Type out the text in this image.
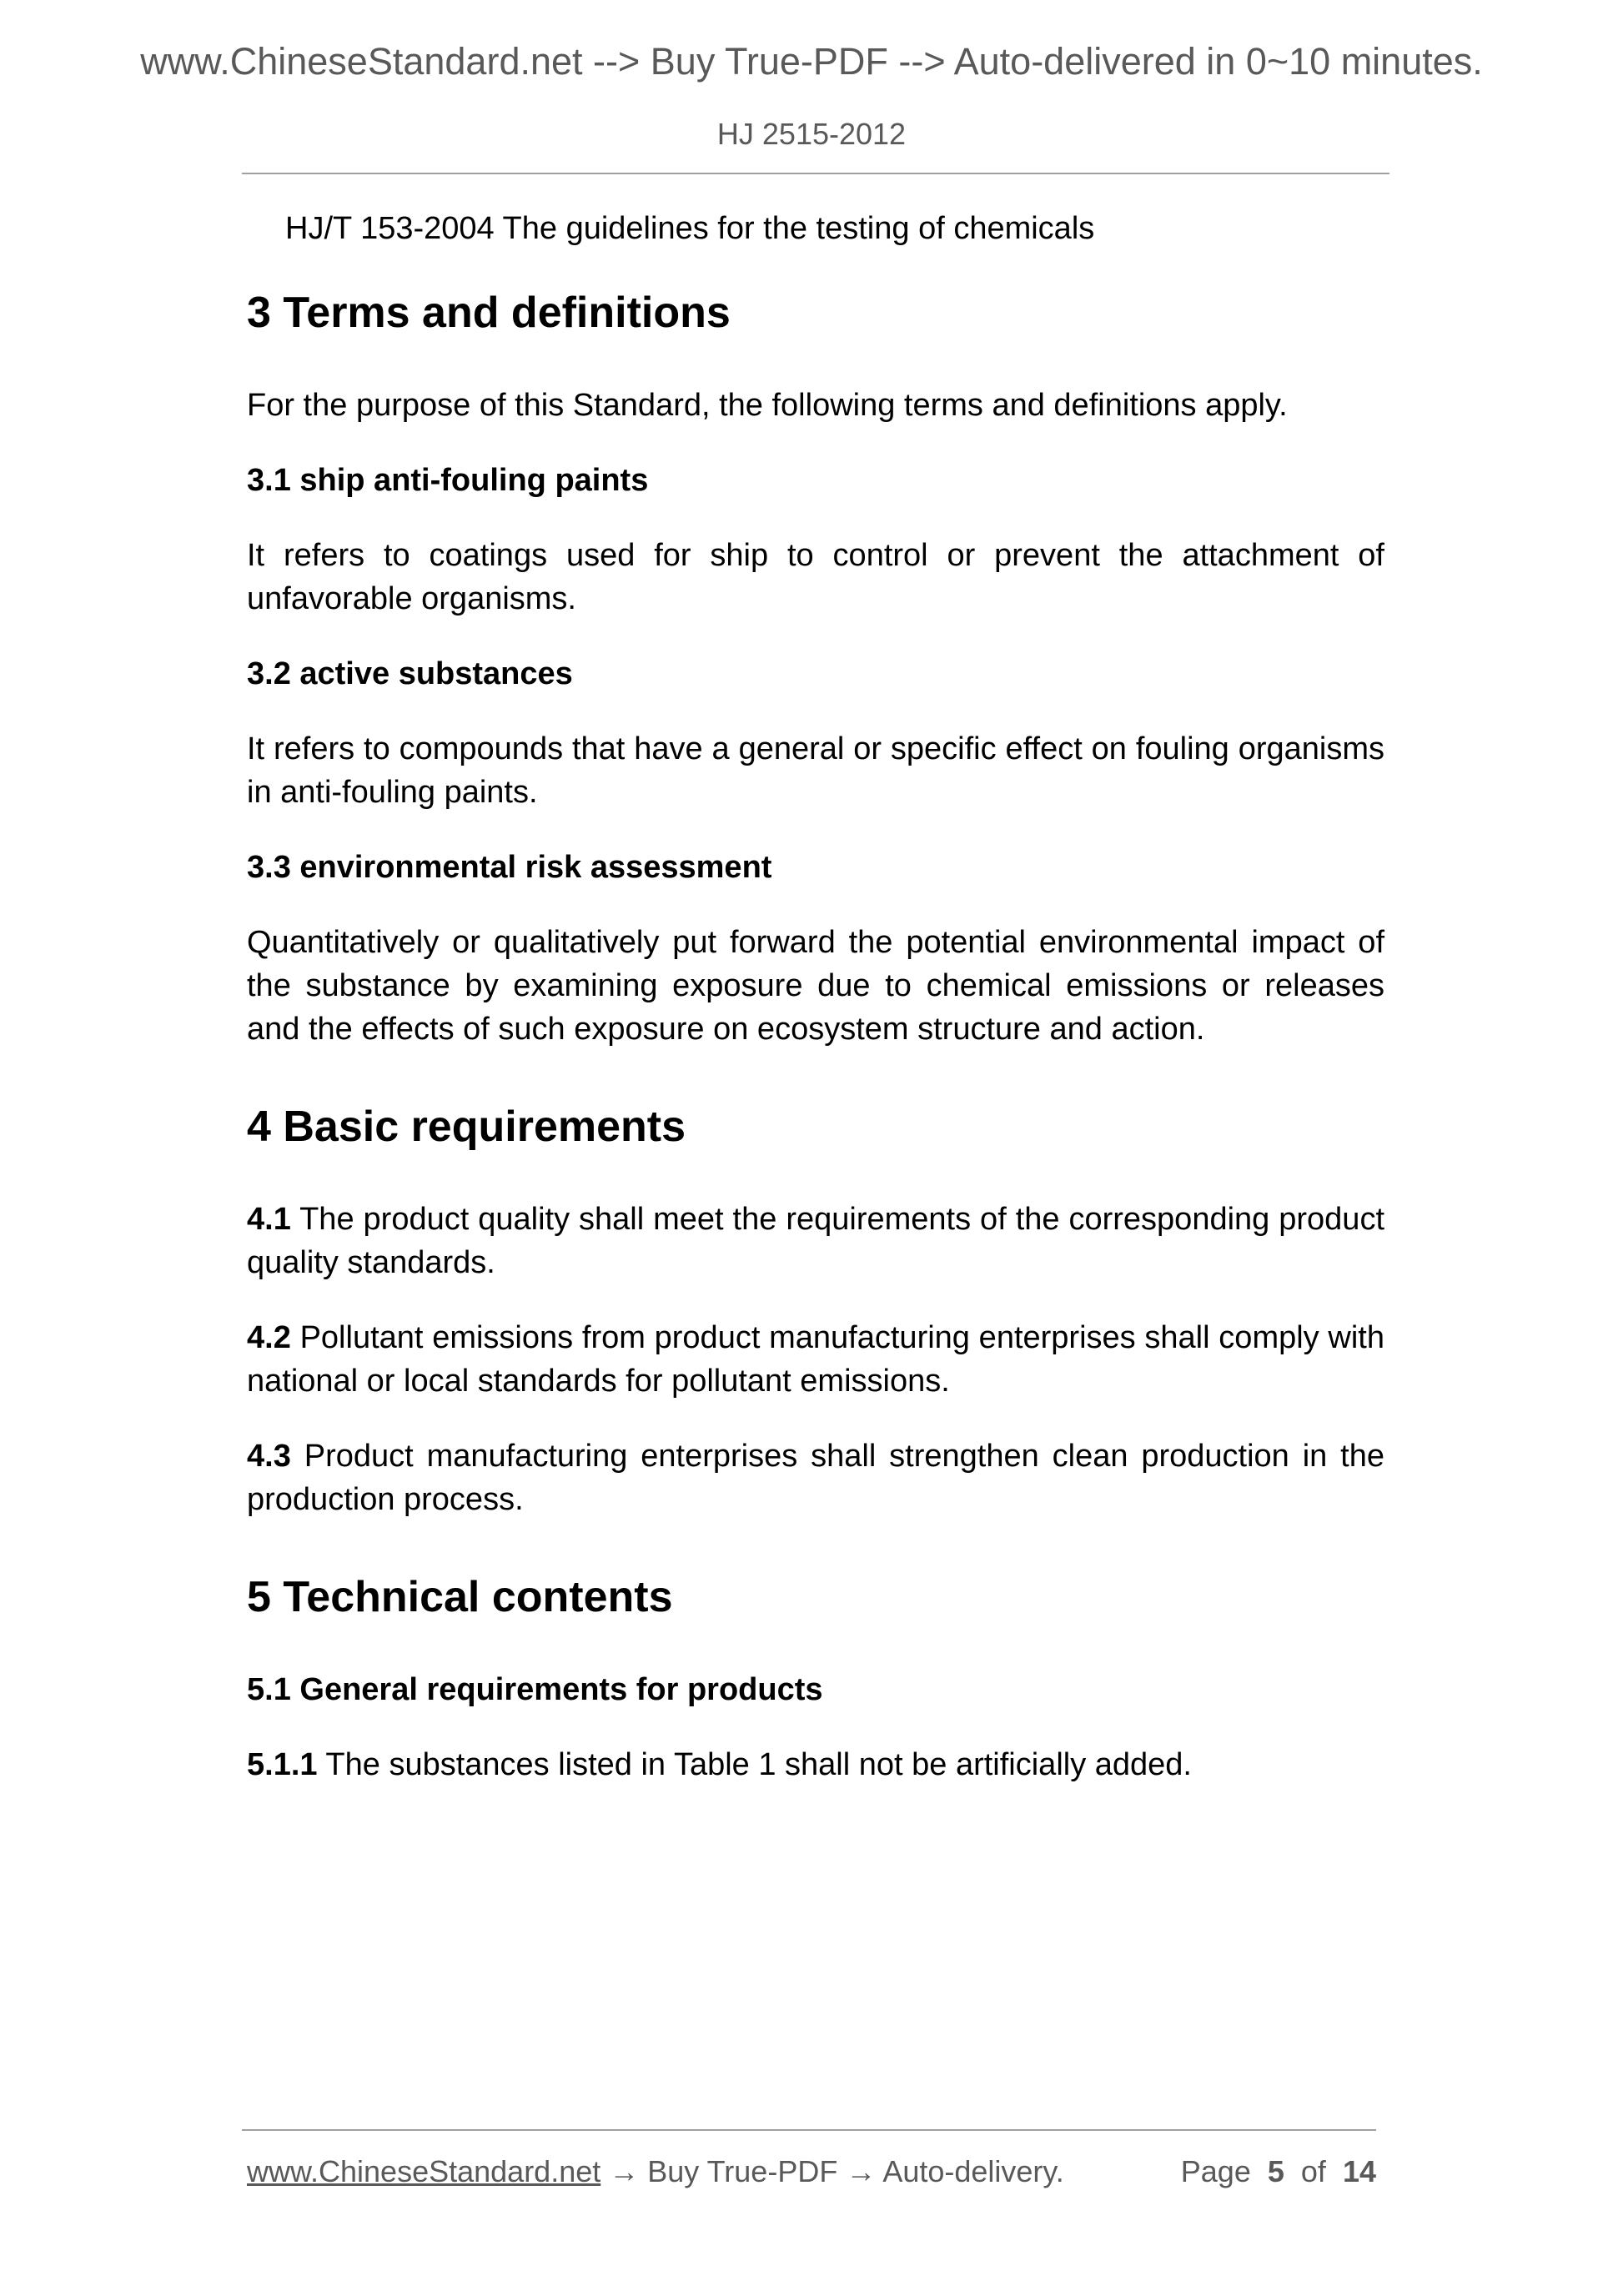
www.ChineseStandard.net --> Buy True-PDF --> Auto-delivered in 0~10 minutes.
HJ 2515-2012

HJ/T 153-2004 The guidelines for the testing of chemicals

3 Terms and definitions

For the purpose of this Standard, the following terms and definitions apply.

3.1 ship anti-fouling paints

It refers to coatings used for ship to control or prevent the attachment of unfavorable organisms.

3.2 active substances

It refers to compounds that have a general or specific effect on fouling organisms in anti-fouling paints.

3.3 environmental risk assessment

Quantitatively or qualitatively put forward the potential environmental impact of the substance by examining exposure due to chemical emissions or releases and the effects of such exposure on ecosystem structure and action.

4 Basic requirements

4.1 The product quality shall meet the requirements of the corresponding product quality standards.

4.2 Pollutant emissions from product manufacturing enterprises shall comply with national or local standards for pollutant emissions.

4.3 Product manufacturing enterprises shall strengthen clean production in the production process.

5 Technical contents
5.1 General requirements for products

5.1.1 The substances listed in Table 1 shall not be artificially added.

www.ChineseStandard.net → Buy True-PDF → Auto-delivery.	Page 5 of 14
